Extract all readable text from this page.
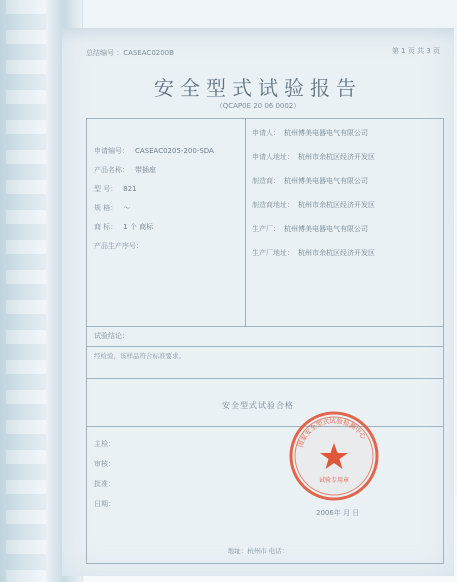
总结编号 ：CASEAC0200B	第 1 页 共 3 页
安全型式试验报告
（QCAP0E 20 06 0002）
申请编号： CASEAC0205-200-SDA
产品名称： 带插座
型 号： 821
规 格： ～
商 标： 1 个 商标
产品生产序号：
申请人： 杭州博美电器电气有限公司
申请人地址： 杭州市余杭区经济开发区
制造商： 杭州博美电器电气有限公司
制造商地址： 杭州市余杭区经济开发区
生产厂： 杭州博美电器电气有限公司
生产厂地址： 杭州市余杭区经济开发区
试验结论：
经检验，该样品符合标准要求。
安全型式试验合格
主检：
审核：
批准：
日期：
国家安全型式试验检测中心
试验专用章
2006年 月 日
地址：杭州市 电话：
